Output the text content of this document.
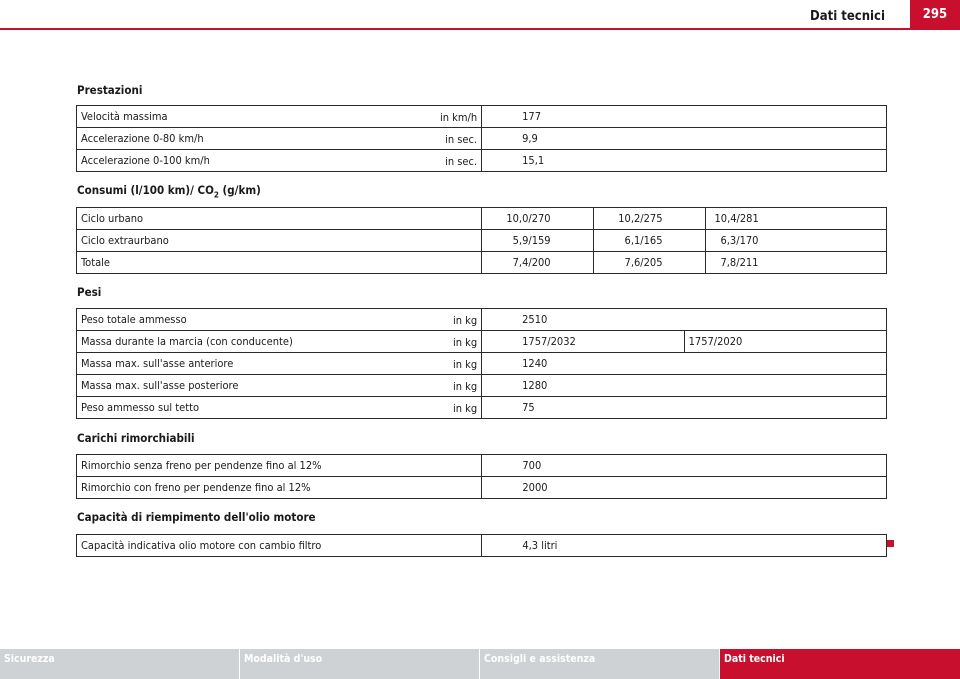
Dati tecnici	295
Prestazioni
Velocità massima in km/h	177
Accelerazione 0-80 km/h in sec.	9,9
Accelerazione 0-100 km/h in sec.	15,1
Consumi (l/100 km)/ $CO_2$ (g/km)
Ciclo urbano	10,0/270	10,2/275	10,4/281
Ciclo extraurbano	5,9/159	6,1/165	6,3/170
Totale	7,4/200	7,6/205	7,8/211
Pesi
Peso totale ammesso in kg	2510	
Massa durante la marcia (con conducente) in kg	1757/2032	1757/2020
Massa max. sull'asse anteriore in kg	1240	
Massa max. sull'asse posteriore in kg	1280	
Peso ammesso sul tetto in kg	75	
Carichi rimorchiabili
Rimorchio senza freno per pendenze fino al 12%	700
Rimorchio con freno per pendenze fino al 12%	2000
Capacità di riempimento dell'olio motore
Capacità indicativa olio motore con cambio filtro	4,3 litri
Sicurezza	Modalità d'uso	Consigli e assistenza	Dati tecnici
